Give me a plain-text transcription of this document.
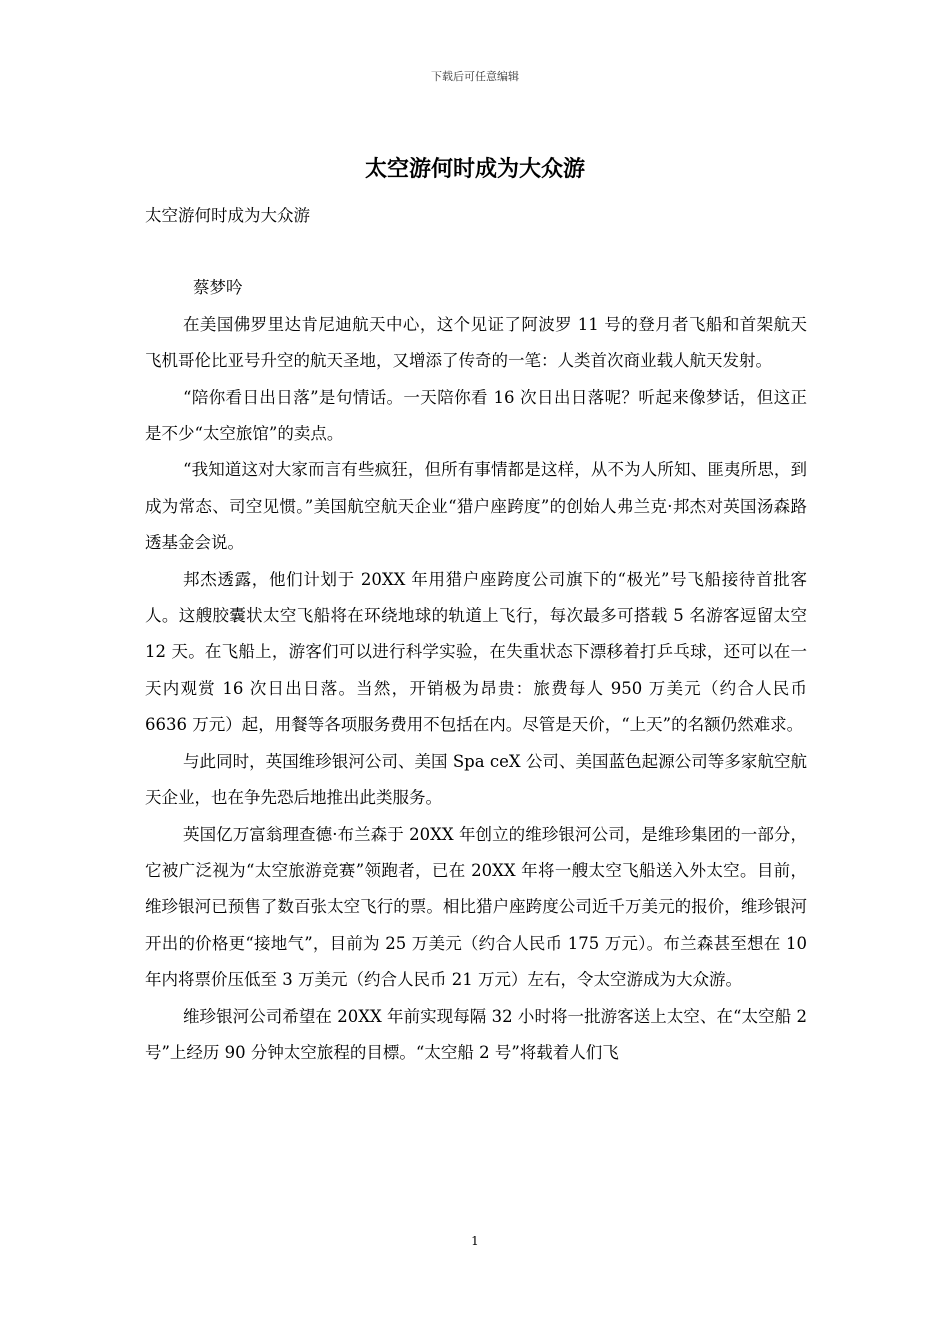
下载后可任意编辑
太空游何时成为大众游

太空游何时成为大众游

蔡梦吟

在美国佛罗里达肯尼迪航天中心，这个见证了阿波罗 11 号的登月者飞船和首架航天飞机哥伦比亚号升空的航天圣地，又增添了传奇的一笔：人类首次商业载人航天发射。

“陪你看日出日落”是句情话。一天陪你看 16 次日出日落呢？听起来像梦话，但这正是不少“太空旅馆”的卖点。

“我知道这对大家而言有些疯狂，但所有事情都是这样，从不为人所知、匪夷所思，到成为常态、司空见惯。”美国航空航天企业“猎户座跨度”的创始人弗兰克·邦杰对英国汤森路透基金会说。

邦杰透露，他们计划于 20XX 年用猎户座跨度公司旗下的“极光”号飞船接待首批客人。这艘胶囊状太空飞船将在环绕地球的轨道上飞行，每次最多可搭载 5 名游客逗留太空 12 天。在飞船上，游客们可以进行科学实验，在失重状态下漂移着打乒乓球，还可以在一天内观赏 16 次日出日落。当然，开销极为昂贵：旅费每人 950 万美元（约合人民币 6636 万元）起，用餐等各项服务费用不包括在内。尽管是天价，“上天”的名额仍然难求。

与此同时，英国维珍银河公司、美国 Spa ceX 公司、美国蓝色起源公司等多家航空航天企业，也在争先恐后地推出此类服务。

英国亿万富翁理查德·布兰森于 20XX 年创立的维珍银河公司，是维珍集团的一部分，它被广泛视为“太空旅游竞赛”领跑者，已在 20XX 年将一艘太空飞船送入外太空。目前，维珍银河已预售了数百张太空飞行的票。相比猎户座跨度公司近千万美元的报价，维珍银河开出的价格更“接地气”，目前为 25 万美元（约合人民币 175 万元）。布兰森甚至想在 10 年内将票价压低至 3 万美元（约合人民币 21 万元）左右，令太空游成为大众游。

维珍银河公司希望在 20XX 年前实现每隔 32 小时将一批游客送上太空、在“太空船 2 号”上经历 90 分钟太空旅程的目標。“太空船 2 号”将载着人们飞

1
